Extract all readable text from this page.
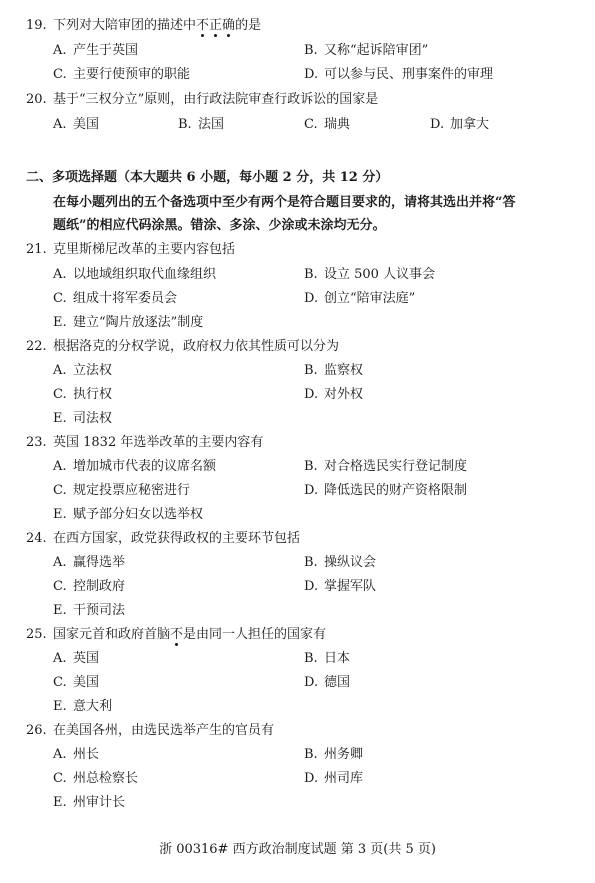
19. 下列对大陪审团的描述中不正确的是
A. 产生于英国	B. 又称“起诉陪审团”
C. 主要行使预审的职能	D. 可以参与民、刑事案件的审理
20. 基于“三权分立”原则，由行政法院审查行政诉讼的国家是
A. 美国	B. 法国	C. 瑞典	D. 加拿大
二、多项选择题（本大题共 6 小题，每小题 2 分，共 12 分）
在每小题列出的五个备选项中至少有两个是符合题目要求的，请将其选出并将“答
题纸”的相应代码涂黑。错涂、多涂、少涂或未涂均无分。
21. 克里斯梯尼改革的主要内容包括
A. 以地域组织取代血缘组织	B. 设立 500 人议事会
C. 组成十将军委员会	D. 创立“陪审法庭”
E. 建立“陶片放逐法”制度
22. 根据洛克的分权学说，政府权力依其性质可以分为
A. 立法权	B. 监察权
C. 执行权	D. 对外权
E. 司法权
23. 英国 1832 年选举改革的主要内容有
A. 增加城市代表的议席名额	B. 对合格选民实行登记制度
C. 规定投票应秘密进行	D. 降低选民的财产资格限制
E. 赋予部分妇女以选举权
24. 在西方国家，政党获得政权的主要环节包括
A. 赢得选举	B. 操纵议会
C. 控制政府	D. 掌握军队
E. 干预司法
25. 国家元首和政府首脑不是由同一人担任的国家有
A. 英国	B. 日本
C. 美国	D. 德国
E. 意大利
26. 在美国各州，由选民选举产生的官员有
A. 州长	B. 州务卿
C. 州总检察长	D. 州司库
E. 州审计长
浙 00316# 西方政治制度试题 第 3 页(共 5 页)
